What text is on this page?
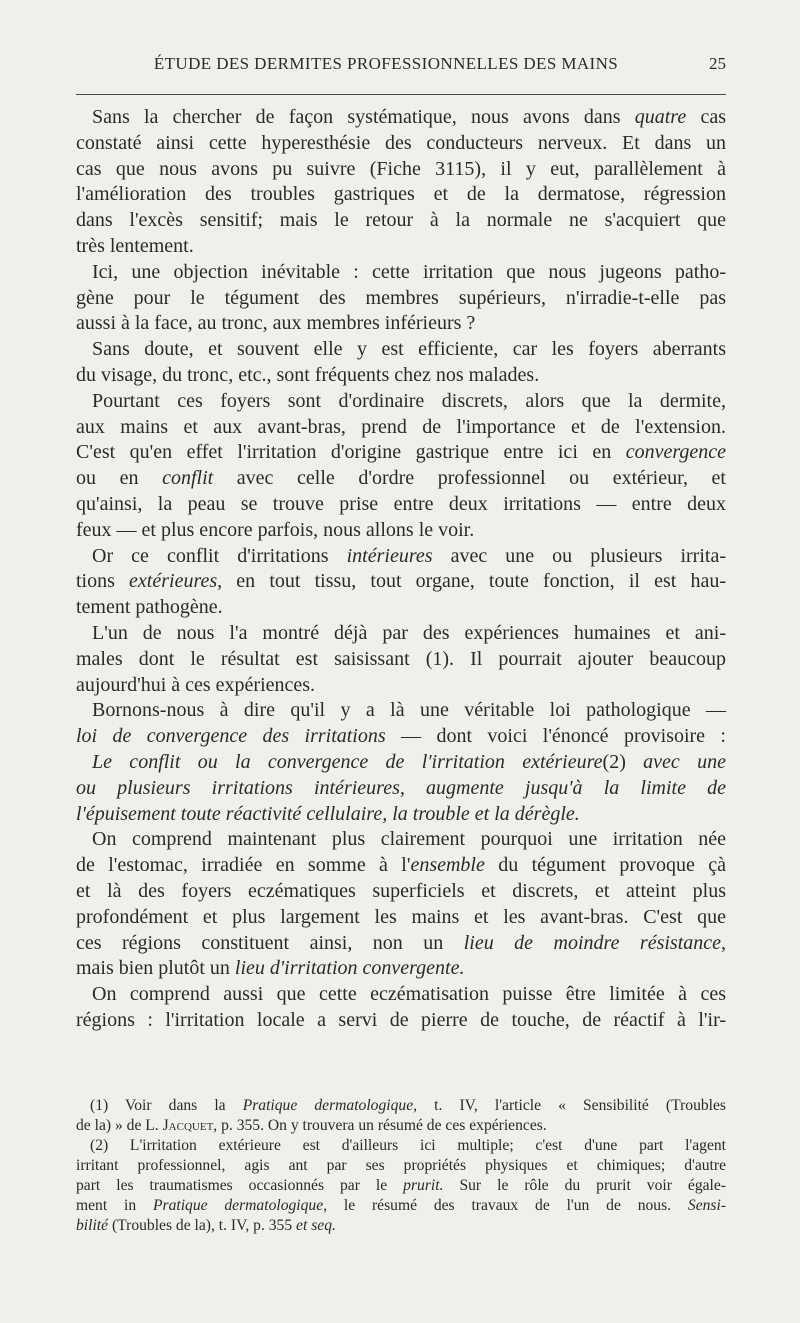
ÉTUDE DES DERMITES PROFESSIONNELLES DES MAINS	25
Sans la chercher de façon systématique, nous avons dans quatre cas
constaté ainsi cette hyperesthésie des conducteurs nerveux. Et dans un
cas que nous avons pu suivre (Fiche 3115), il y eut, parallèlement à
l'amélioration des troubles gastriques et de la dermatose, régression
dans l'excès sensitif; mais le retour à la normale ne s'acquiert que
très lentement.
Ici, une objection inévitable : cette irritation que nous jugeons patho-
gène pour le tégument des membres supérieurs, n'irradie-t-elle pas
aussi à la face, au tronc, aux membres inférieurs ?
Sans doute, et souvent elle y est efficiente, car les foyers aberrants
du visage, du tronc, etc., sont fréquents chez nos malades.
Pourtant ces foyers sont d'ordinaire discrets, alors que la dermite,
aux mains et aux avant-bras, prend de l'importance et de l'extension.
C'est qu'en effet l'irritation d'origine gastrique entre ici en convergence
ou en conflit avec celle d'ordre professionnel ou extérieur, et
qu'ainsi, la peau se trouve prise entre deux irritations — entre deux
feux — et plus encore parfois, nous allons le voir.
Or ce conflit d'irritations intérieures avec une ou plusieurs irrita-
tions extérieures, en tout tissu, tout organe, toute fonction, il est hau-
tement pathogène.
L'un de nous l'a montré déjà par des expériences humaines et ani-
males dont le résultat est saisissant (1). Il pourrait ajouter beaucoup
aujourd'hui à ces expériences.
Bornons-nous à dire qu'il y a là une véritable loi pathologique —
loi de convergence des irritations — dont voici l'énoncé provisoire :
Le conflit ou la convergence de l'irritation extérieure(2) avec une
ou plusieurs irritations intérieures, augmente jusqu'à la limite de
l'épuisement toute réactivité cellulaire, la trouble et la dérègle.
On comprend maintenant plus clairement pourquoi une irritation née
de l'estomac, irradiée en somme à l'ensemble du tégument provoque çà
et là des foyers eczématiques superficiels et discrets, et atteint plus
profondément et plus largement les mains et les avant-bras. C'est que
ces régions constituent ainsi, non un lieu de moindre résistance,
mais bien plutôt un lieu d'irritation convergente.
On comprend aussi que cette eczématisation puisse être limitée à ces
régions : l'irritation locale a servi de pierre de touche, de réactif à l'ir-
(1) Voir dans la Pratique dermatologique, t. IV, l'article « Sensibilité (Troubles
de la) » de L. Jacquet, p. 355. On y trouvera un résumé de ces expériences.
(2) L'irritation extérieure est d'ailleurs ici multiple; c'est d'une part l'agent
irritant professionnel, agis ant par ses propriétés physiques et chimiques; d'autre
part les traumatismes occasionnés par le prurit. Sur le rôle du prurit voir égale-
ment in Pratique dermatologique, le résumé des travaux de l'un de nous. Sensi-
bilité (Troubles de la), t. IV, p. 355 et seq.
